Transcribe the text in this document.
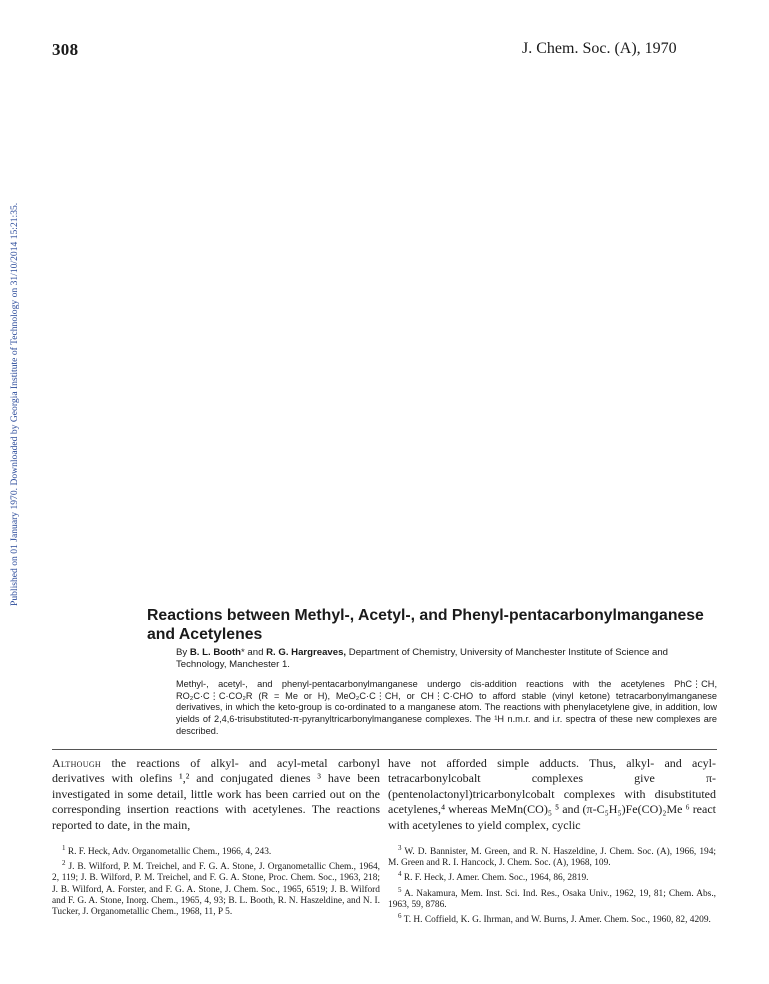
308	J. Chem. Soc. (A), 1970
Published on 01 January 1970. Downloaded by Georgia Institute of Technology on 31/10/2014 15:21:35.
Reactions between Methyl-, Acetyl-, and Phenyl-pentacarbonylmanganese and Acetylenes
By B. L. Booth* and R. G. Hargreaves, Department of Chemistry, University of Manchester Institute of Science and Technology, Manchester 1.

Methyl-, acetyl-, and phenyl-pentacarbonylmanganese undergo cis-addition reactions with the acetylenes PhC⋮CH, RO₂C·C⋮C·CO₂R (R = Me or H), MeO₂C·C⋮CH, or CH⋮C·CHO to afford stable (vinyl ketone) tetracarbonylmanganese derivatives, in which the keto-group is co-ordinated to a manganese atom. The reactions with phenylacetylene give, in addition, low yields of 2,4,6-trisubstituted-π-pyranyltricarbonylmanganese complexes. The ¹H n.m.r. and i.r. spectra of these new complexes are described.

Although the reactions of alkyl- and acyl-metal carbonyl derivatives with olefins ¹,² and conjugated dienes ³ have been investigated in some detail, little work has been carried out on the corresponding insertion reactions with acetylenes. The reactions reported to date, in the main,

$^1$ R. F. Heck, Adv. Organometallic Chem., 1966, 4, 243.
$^2$ J. B. Wilford, P. M. Treichel, and F. G. A. Stone, J. Organometallic Chem., 1964, 2, 119; J. B. Wilford, P. M. Treichel, and F. G. A. Stone, Proc. Chem. Soc., 1963, 218; J. B. Wilford, A. Forster, and F. G. A. Stone, J. Chem. Soc., 1965, 6519; J. B. Wilford and F. G. A. Stone, Inorg. Chem., 1965, 4, 93; B. L. Booth, R. N. Haszeldine, and N. I. Tucker, J. Organometallic Chem., 1968, 11, P 5.

have not afforded simple adducts. Thus, alkyl- and acyl-tetracarbonylcobalt complexes give π-(pentenolactonyl)tricarbonylcobalt complexes with disubstituted acetylenes,⁴ whereas MeMn(CO)₅ ⁵ and (π-C₅H₅)Fe(CO)₂Me ⁶ react with acetylenes to yield complex, cyclic

$^3$ W. D. Bannister, M. Green, and R. N. Haszeldine, J. Chem. Soc. (A), 1966, 194; M. Green and R. I. Hancock, J. Chem. Soc. (A), 1968, 109.
$^4$ R. F. Heck, J. Amer. Chem. Soc., 1964, 86, 2819.
$^5$ A. Nakamura, Mem. Inst. Sci. Ind. Res., Osaka Univ., 1962, 19, 81; Chem. Abs., 1963, 59, 8786.
$^6$ T. H. Coffield, K. G. Ihrman, and W. Burns, J. Amer. Chem. Soc., 1960, 82, 4209.
